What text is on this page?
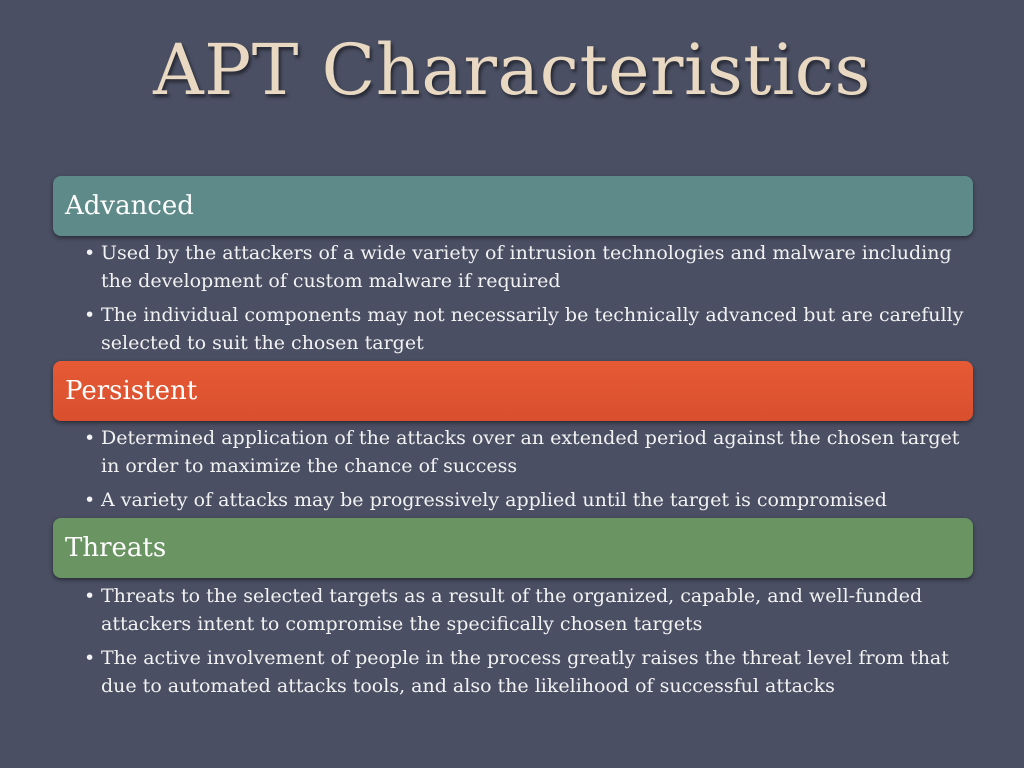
APT Characteristics
Advanced
• Used by the attackers of a wide variety of intrusion technologies and malware including the development of custom malware if required
• The individual components may not necessarily be technically advanced but are carefully selected to suit the chosen target
Persistent
• Determined application of the attacks over an extended period against the chosen target in order to maximize the chance of success
• A variety of attacks may be progressively applied until the target is compromised
Threats
• Threats to the selected targets as a result of the organized, capable, and well-funded attackers intent to compromise the specifically chosen targets
• The active involvement of people in the process greatly raises the threat level from that due to automated attacks tools, and also the likelihood of successful attacks
